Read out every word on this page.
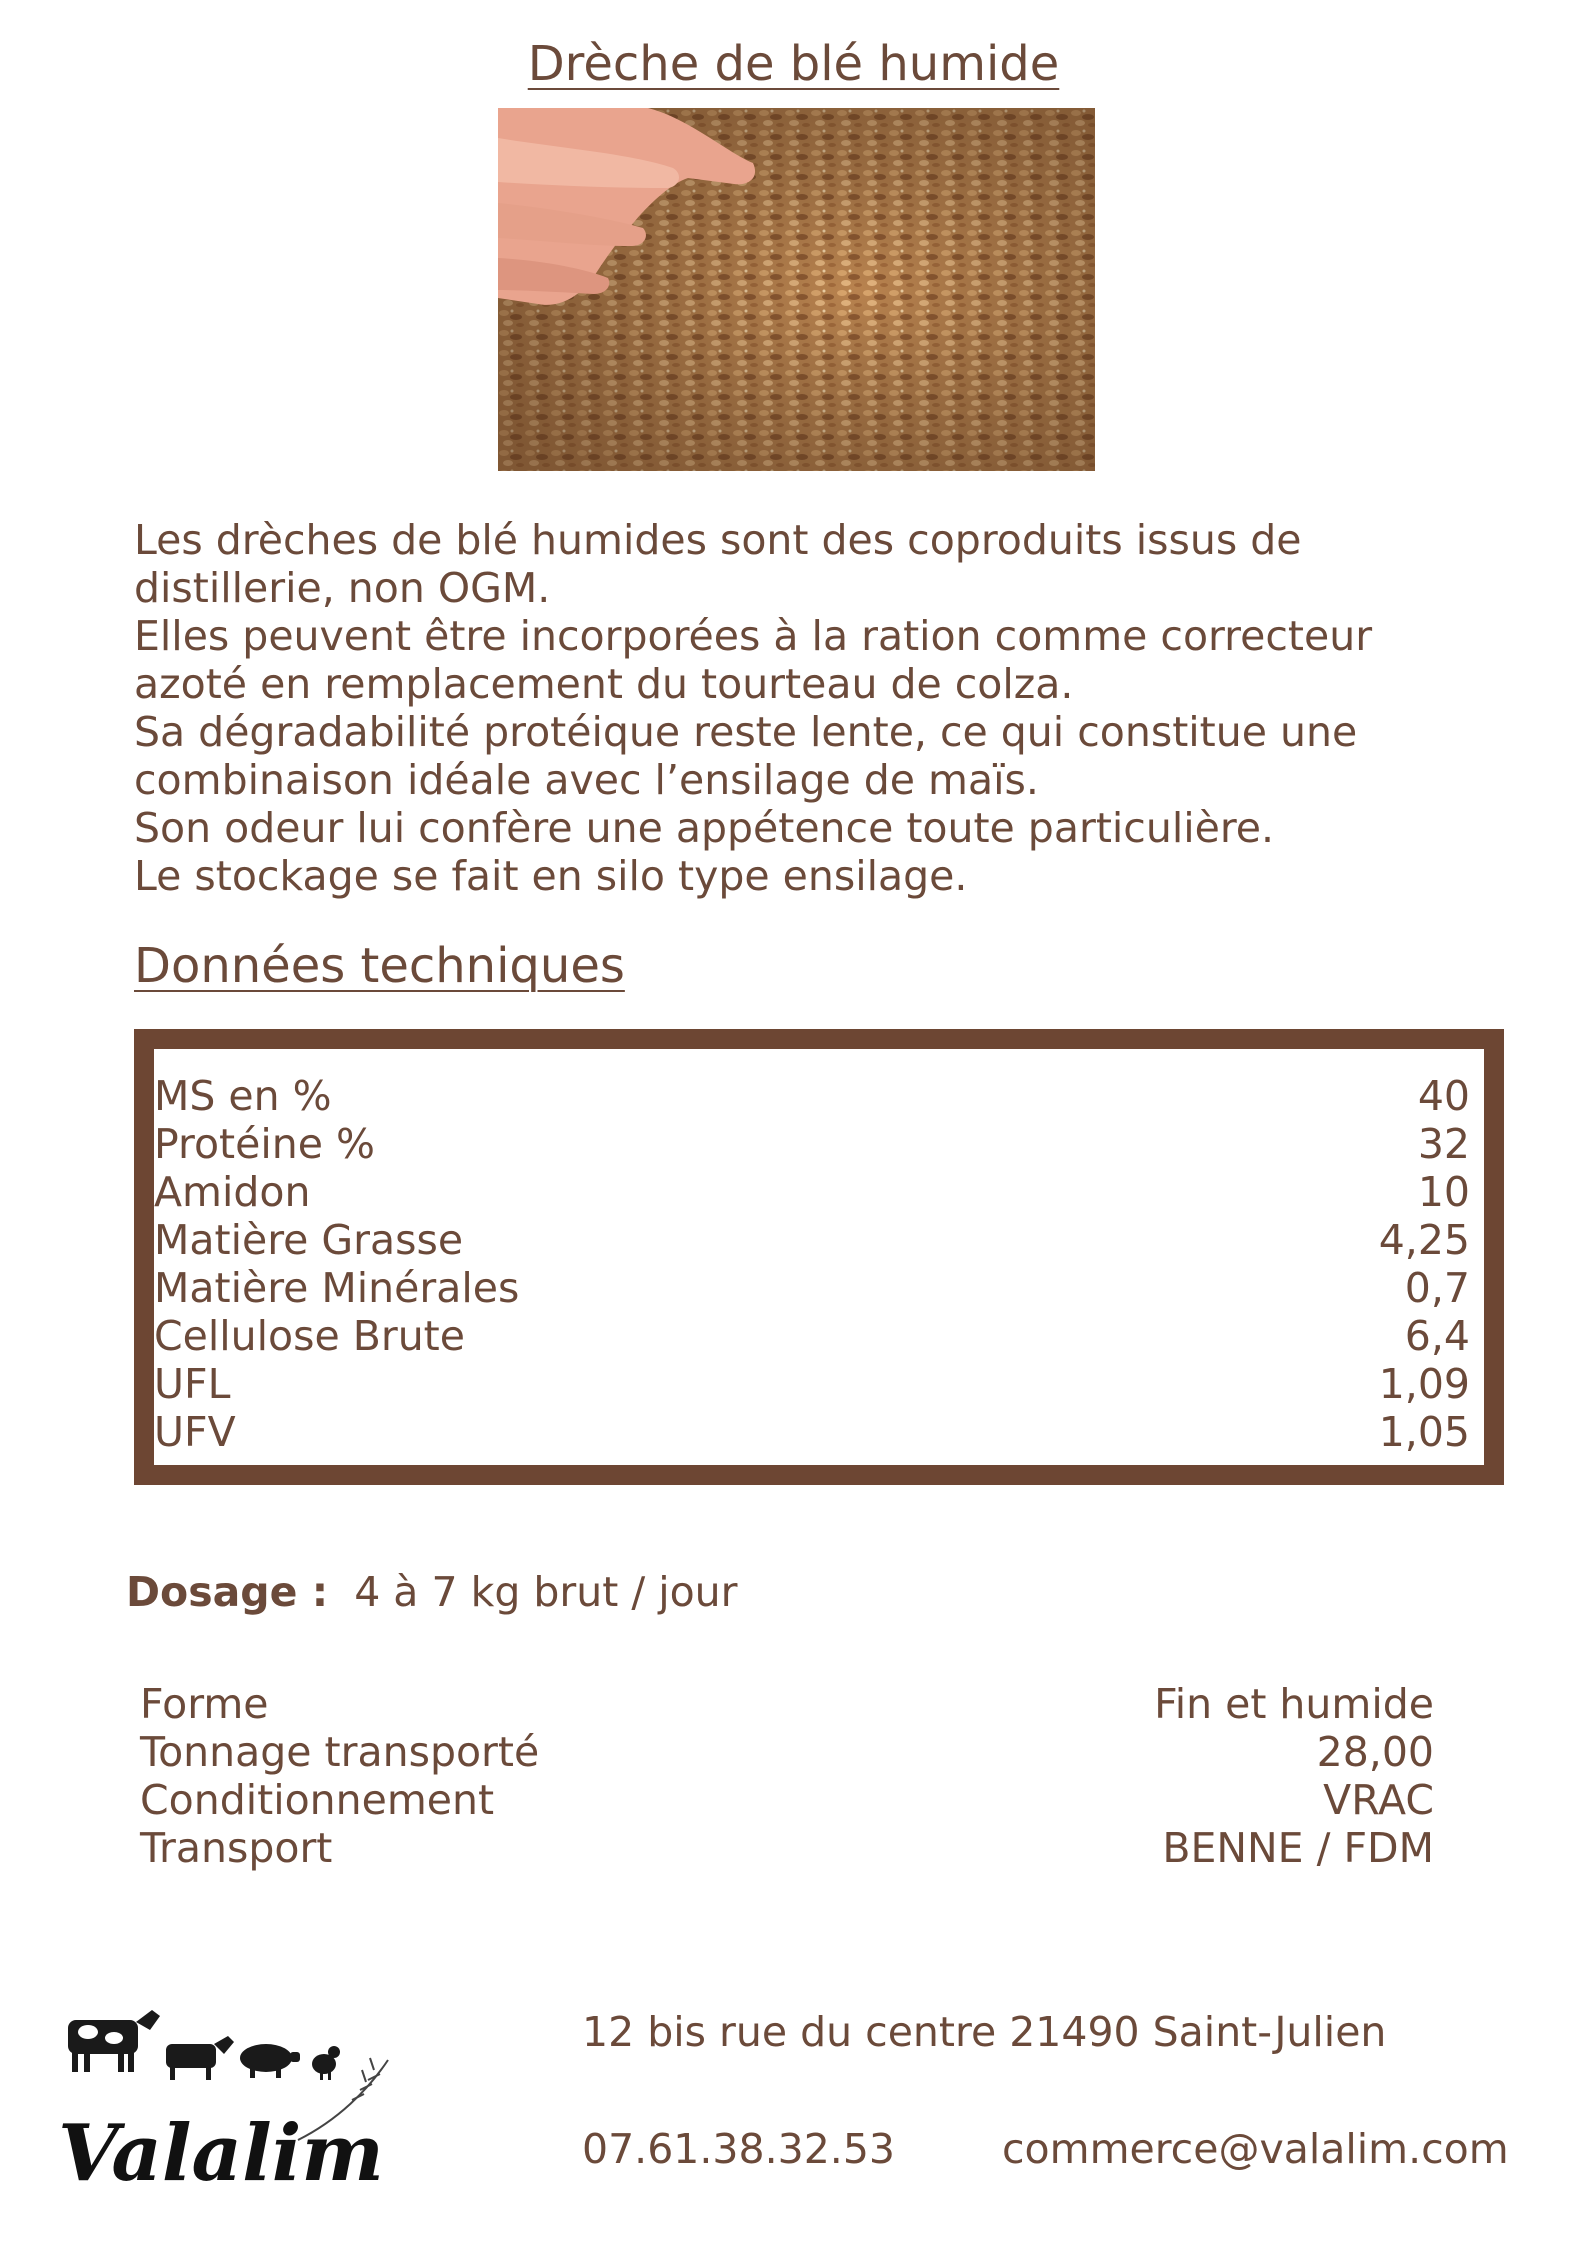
Drèche de blé humide

Les drèches de blé humides sont des coproduits issus de

distillerie, non OGM.

Elles peuvent être incorporées à la ration comme correcteur

azoté en remplacement du tourteau de colza.

Sa dégradabilité protéique reste lente, ce qui constitue une

combinaison idéale avec l’ensilage de maïs.

Son odeur lui confère une appétence toute particulière.

Le stockage se fait en silo type ensilage.

Données techniques
MS en %	40
Protéine %	32
Amidon	10
Matière Grasse	4,25
Matière Minérales	0,7
Cellulose Brute	6,4
UFL	1,09
UFV	1,05
Dosage : 4 à 7 kg brut / jour
Forme	Fin et humide
Tonnage transporté	28,00
Conditionnement	VRAC
Transport	BENNE / FDM
Valalim
12 bis rue du centre 21490 Saint-Julien
07.61.38.32.53	commerce@valalim.com
